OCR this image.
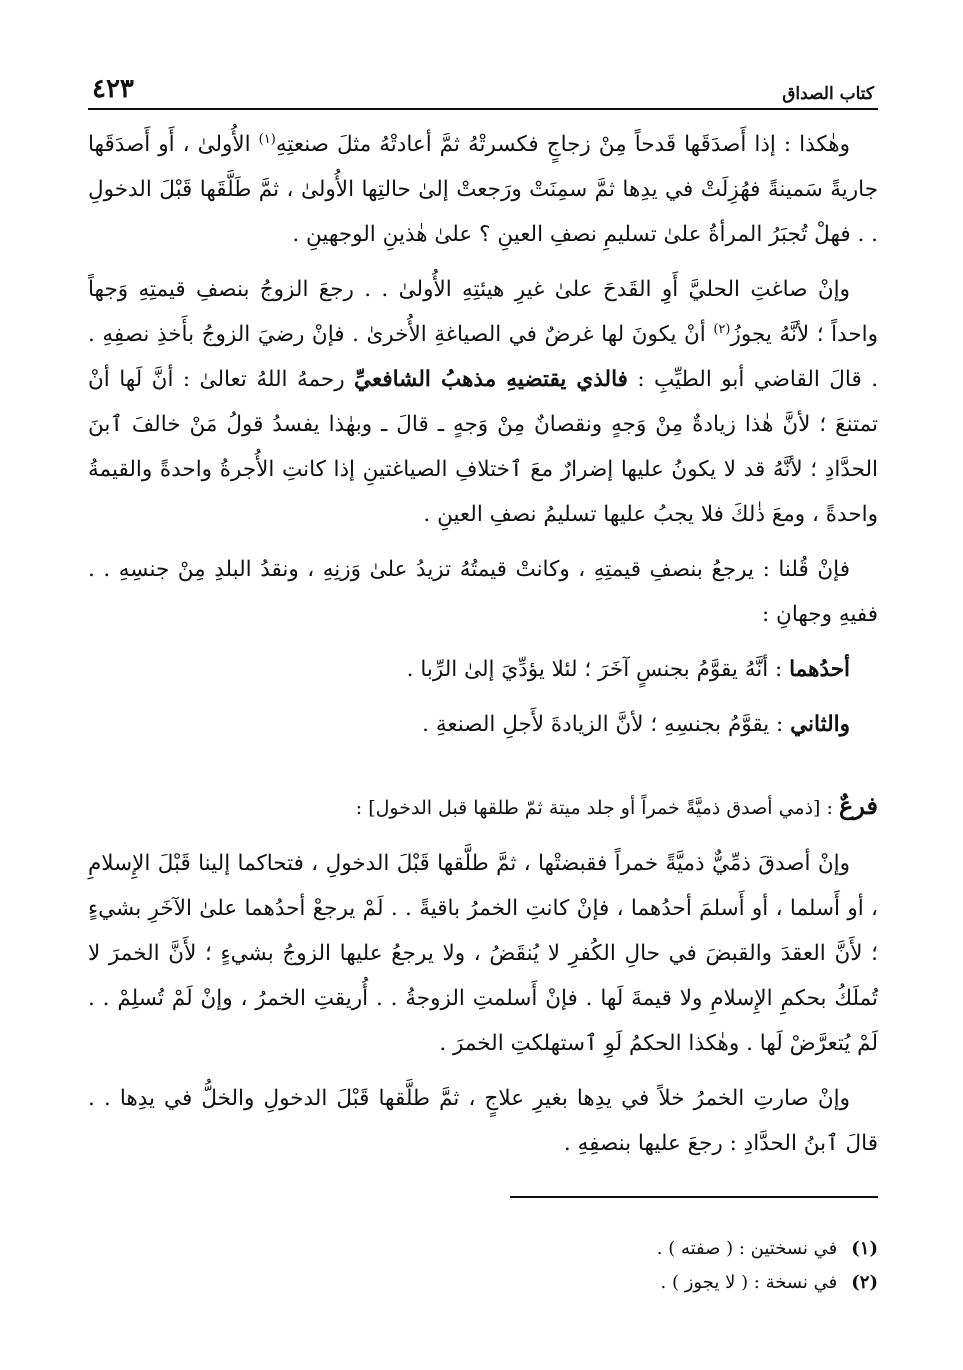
كتاب الصداق
٤٢٣

وهٰكذا : إذا أَصدَقَها قَدحاً مِنْ زجاجٍ فكسرتْهُ ثمَّ أعادتْهُ مثلَ صنعتِهِ$^{(١)}$ الأُولىٰ ، أَو أَصدَقَها جاريةً سَمينةً فهُزِلَتْ في يدِها ثمَّ سمِنَتْ ورَجعتْ إلىٰ حالتِها الأُولىٰ ، ثمَّ طَلَّقَها قَبْلَ الدخولِ . . فهلْ تُجبَرُ المرأةُ علىٰ تسليمِ نصفِ العينِ ؟ علىٰ هٰذينِ الوجهينِ .

وإنْ صاغتِ الحليَّ أَوِ القَدحَ علىٰ غيرِ هيئتِهِ الأُولىٰ . . رجعَ الزوجُ بنصفِ قيمتِهِ وَجهاً واحداً ؛ لأنَّهُ يجوزُ$^{(٢)}$ أنْ يكونَ لها غرضٌ في الصياغةِ الأُخرىٰ . فإنْ رضيَ الزوجُ بأَخذِ نصفِهِ . . قالَ القاضي أبو الطيِّبِ : فالذي يقتضيهِ مذهبُ الشافعيِّ رحمهُ اللهُ تعالىٰ : أنَّ لَها أنْ تمتنعَ ؛ لأنَّ هٰذا زيادةٌ مِنْ وَجهٍ ونقصانٌ مِنْ وَجهٍ ـ قالَ ـ وبهٰذا يفسدُ قولُ مَنْ خالفَ ٱبنَ الحدَّادِ ؛ لأنَّهُ قد لا يكونُ عليها إضرارٌ معَ ٱختلافِ الصياغتينِ إذا كانتِ الأُجرةُ واحدةً والقيمةُ واحدةً ، ومعَ ذٰلكَ فلا يجبُ عليها تسليمُ نصفِ العينِ .

فإنْ قُلنا : يرجعُ بنصفِ قيمتِهِ ، وكانتْ قيمتُهُ تزيدُ علىٰ وَزنِهِ ، ونقدُ البلدِ مِنْ جنسِهِ . . ففيهِ وجهانِ :

أحدُهما : أنَّهُ يقوَّمُ بجنسٍ آخَرَ ؛ لئلا يؤدِّيَ إلىٰ الرِّبا .

والثاني : يقوَّمُ بجنسِهِ ؛ لأنَّ الزيادةَ لأَجلِ الصنعةِ .

فرعٌ : [ذمي أصدق ذميَّةً خمراً أو جلد ميتة ثمّ طلقها قبل الدخول] :

وإنْ أصدقَ ذمِّيٌّ ذميَّةً خمراً فقبضتْها ، ثمَّ طلَّقها قَبْلَ الدخولِ ، فتحاكما إلينا قَبْلَ الإِسلامِ ، أو أَسلما ، أو أَسلمَ أحدُهما ، فإنْ كانتِ الخمرُ باقيةً . . لَمْ يرجعْ أحدُهما علىٰ الآخَرِ بشيءٍ ؛ لأَنَّ العقدَ والقبضَ في حالِ الكُفرِ لا يُنقَضُ ، ولا يرجعُ عليها الزوجُ بشيءٍ ؛ لأَنَّ الخمرَ لا تُملَكُ بحكمِ الإِسلامِ ولا قيمةَ لَها . فإنْ أَسلمتِ الزوجةُ . . أُريقتِ الخمرُ ، وإنْ لَمْ تُسلِمْ . . لَمْ يُتعرَّضْ لَها . وهٰكذا الحكمُ لَوِ ٱستهلكتِ الخمرَ .

وإنْ صارتِ الخمرُ خلاً في يدِها بغيرِ علاجٍ ، ثمَّ طلَّقها قَبْلَ الدخولِ والخلُّ في يدِها . . قالَ ٱبنُ الحدَّادِ : رجعَ عليها بنصفِهِ .

(١)
في نسختين : ( صفته ) .
(٢)
في نسخة : ( لا يجوز ) .
